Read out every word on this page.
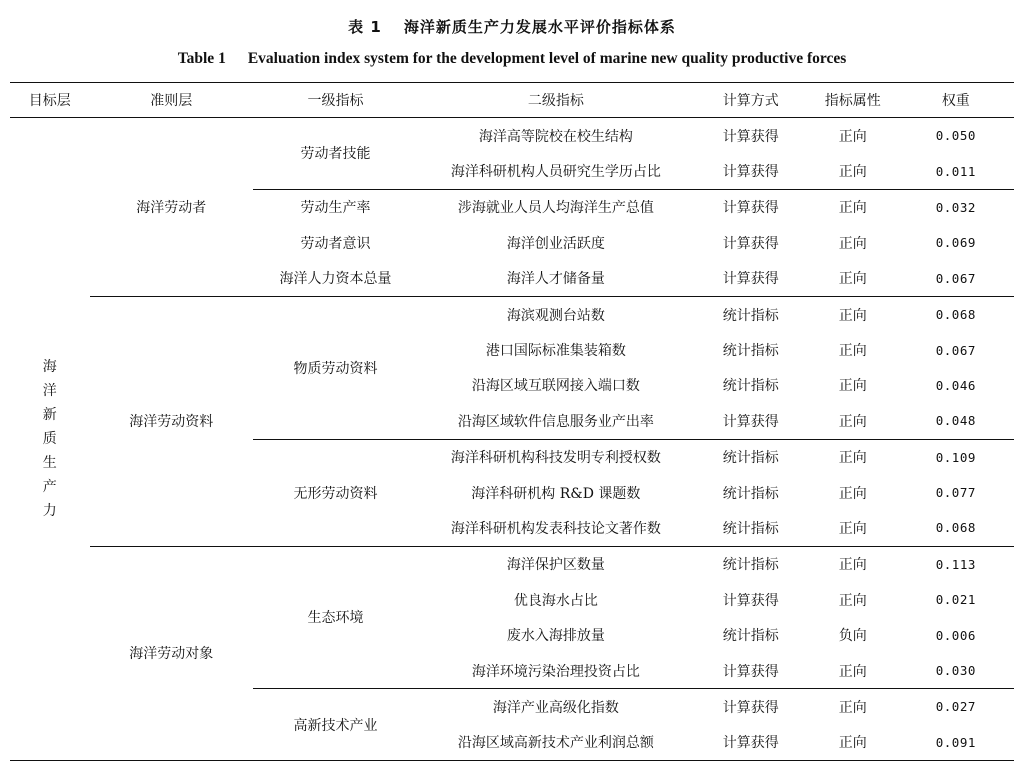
表 1 海洋新质生产力发展水平评价指标体系
Table 1 Evaluation index system for the development level of marine new quality productive forces
目标层	准则层	一级指标	二级指标	计算方式	指标属性	权重
海洋新质生产力	海洋劳动者	劳动者技能	海洋高等院校在校生结构	计算获得	正向	0.050
			海洋科研机构人员研究生学历占比	计算获得	正向	0.011
		劳动生产率	涉海就业人员人均海洋生产总值	计算获得	正向	0.032
		劳动者意识	海洋创业活跃度	计算获得	正向	0.069
		海洋人力资本总量	海洋人才储备量	计算获得	正向	0.067
	海洋劳动资料	物质劳动资料	海滨观测台站数	统计指标	正向	0.068
			港口国际标准集装箱数	统计指标	正向	0.067
			沿海区域互联网接入端口数	统计指标	正向	0.046
			沿海区域软件信息服务业产出率	计算获得	正向	0.048
		无形劳动资料	海洋科研机构科技发明专利授权数	统计指标	正向	0.109
			海洋科研机构 R&D 课题数	统计指标	正向	0.077
			海洋科研机构发表科技论文著作数	统计指标	正向	0.068
	海洋劳动对象	生态环境	海洋保护区数量	统计指标	正向	0.113
			优良海水占比	计算获得	正向	0.021
			废水入海排放量	统计指标	负向	0.006
			海洋环境污染治理投资占比	计算获得	正向	0.030
		高新技术产业	海洋产业高级化指数	计算获得	正向	0.027
			沿海区域高新技术产业利润总额	计算获得	正向	0.091
